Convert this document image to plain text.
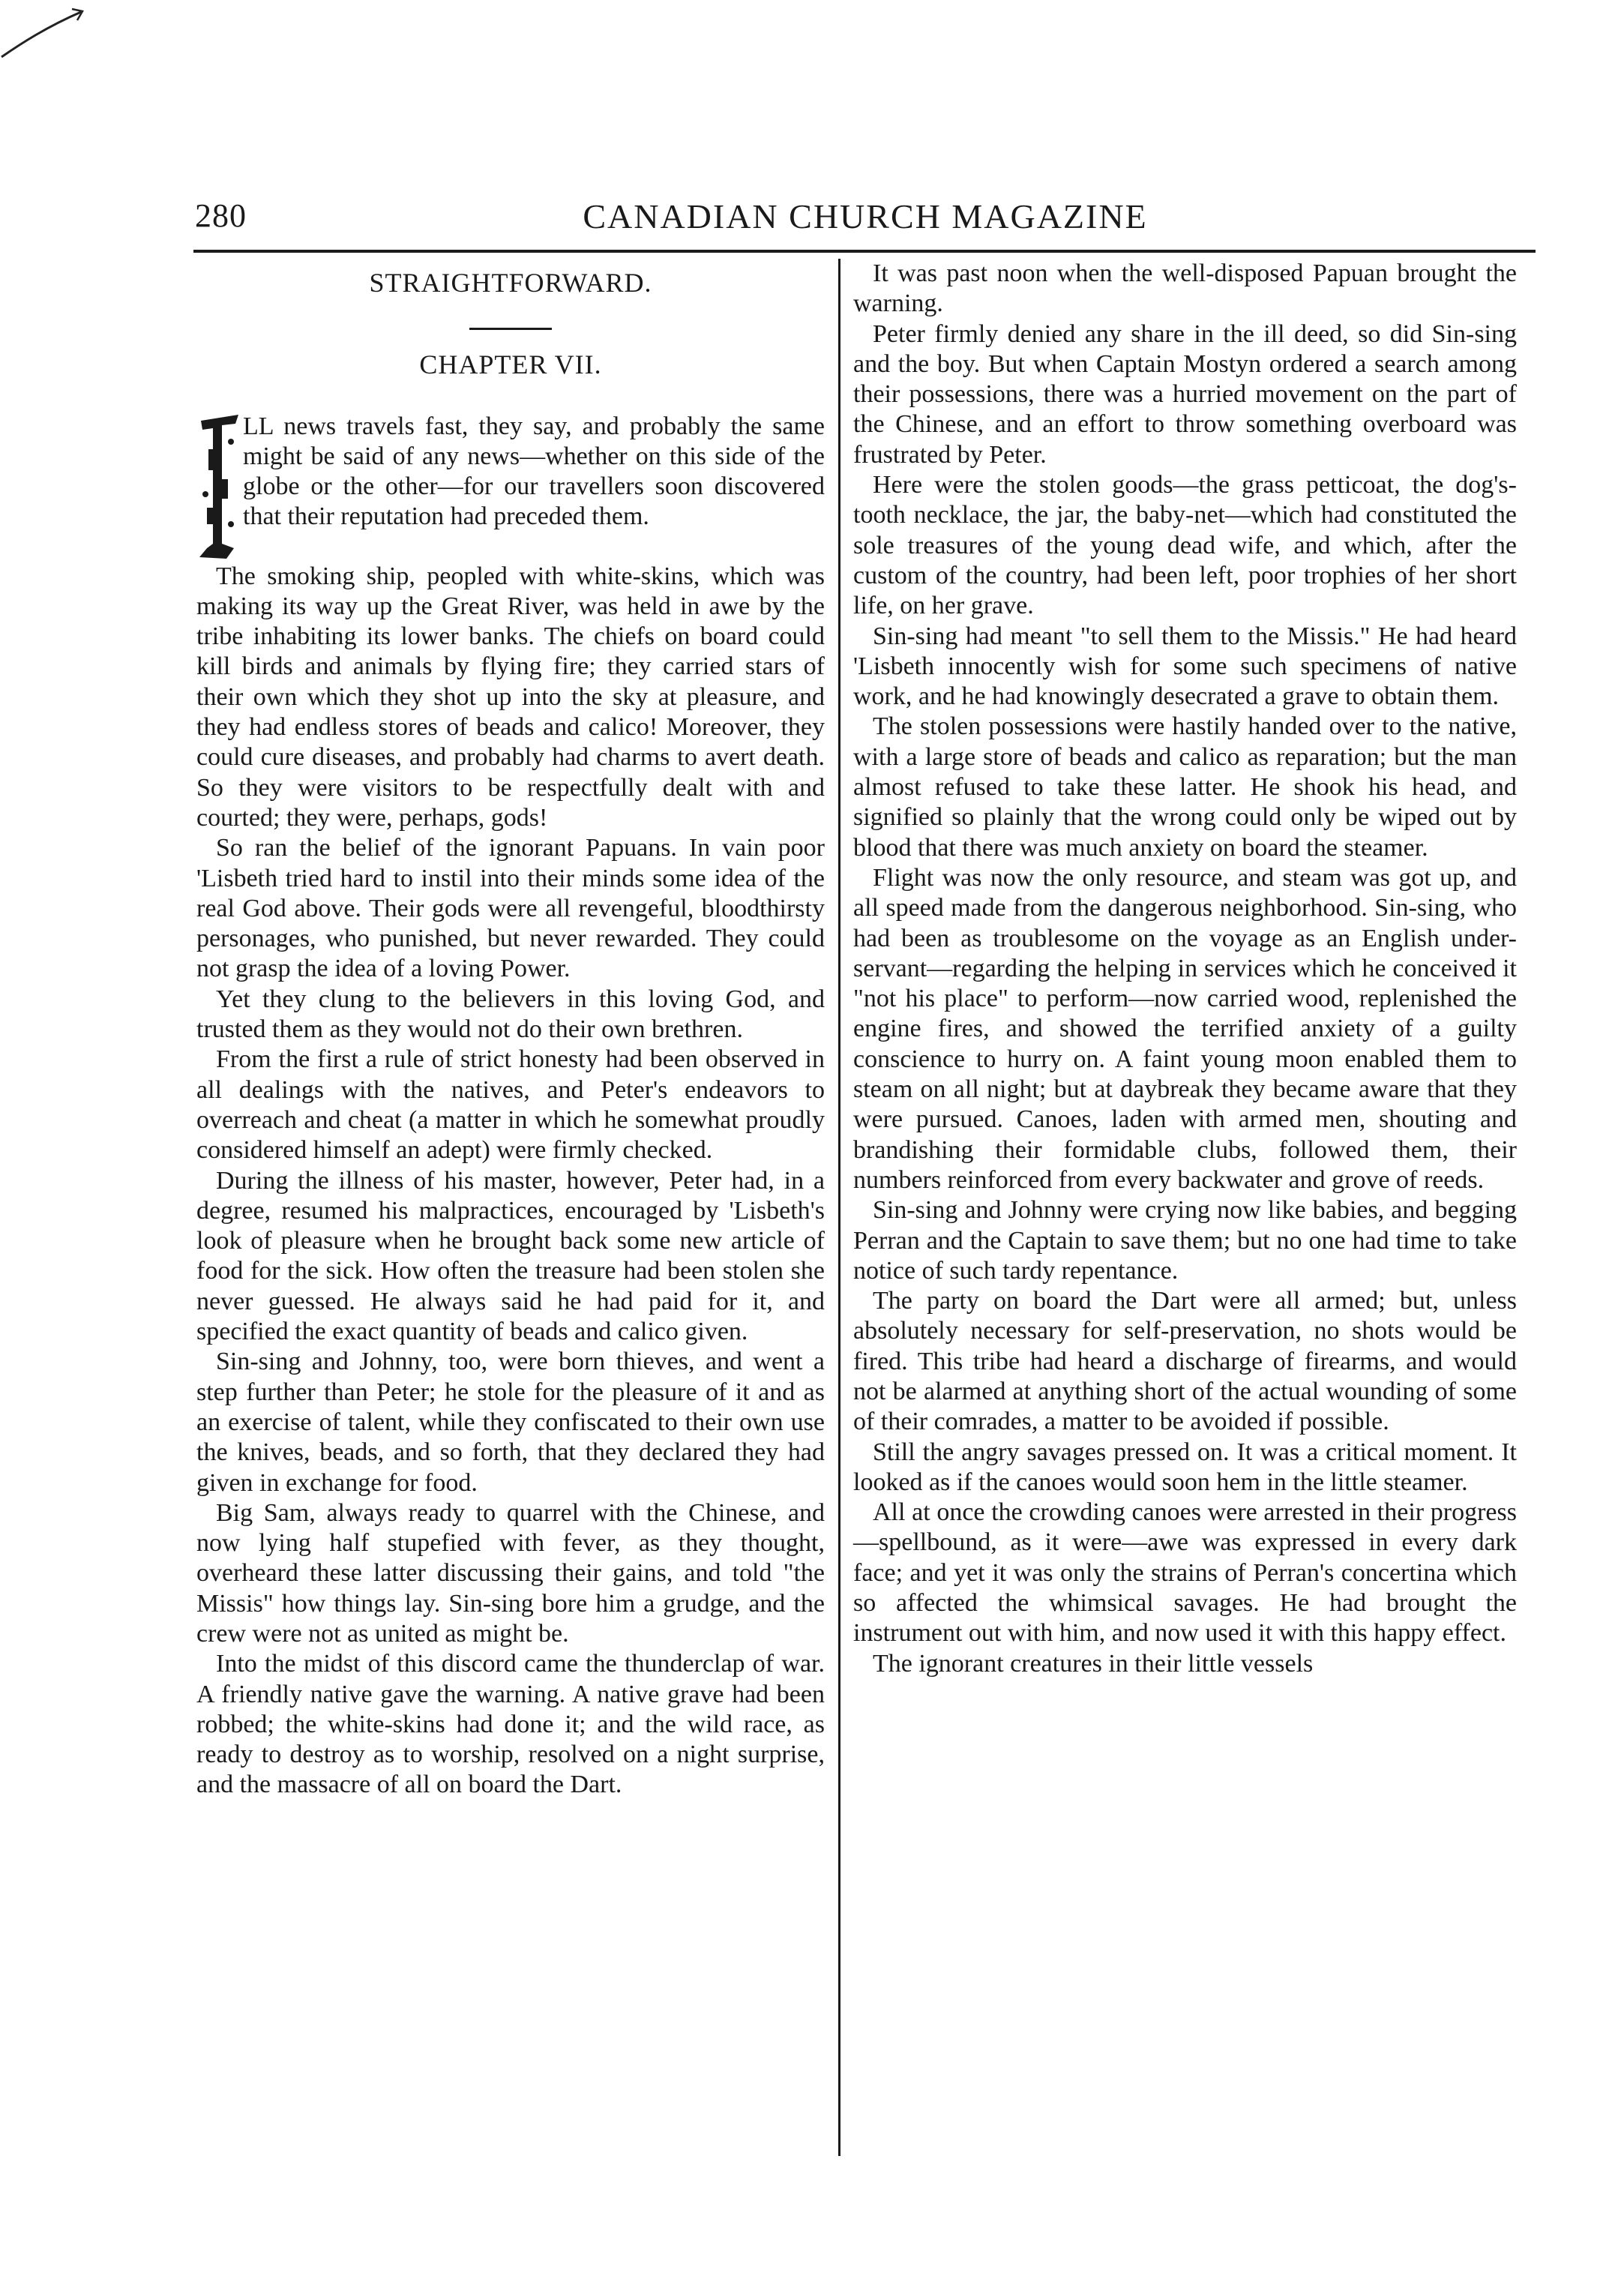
280	CANADIAN CHURCH MAGAZINE
STRAIGHTFORWARD.
CHAPTER VII.

LL news travels fast, they say, and probably the same might be said of any news—whether on this side of the globe or the other—for our travellers soon discovered that their reputation had preceded them.

The smoking ship, peopled with white-skins, which was making its way up the Great River, was held in awe by the tribe inhabiting its lower banks. The chiefs on board could kill birds and animals by flying fire; they carried stars of their own which they shot up into the sky at pleasure, and they had endless stores of beads and calico! Moreover, they could cure diseases, and probably had charms to avert death. So they were visitors to be respectfully dealt with and courted; they were, perhaps, gods!

So ran the belief of the ignorant Papuans. In vain poor 'Lisbeth tried hard to instil into their minds some idea of the real God above. Their gods were all revengeful, bloodthirsty personages, who punished, but never rewarded. They could not grasp the idea of a loving Power.

Yet they clung to the believers in this loving God, and trusted them as they would not do their own brethren.

From the first a rule of strict honesty had been observed in all dealings with the natives, and Peter's endeavors to overreach and cheat (a matter in which he somewhat proudly considered himself an adept) were firmly checked.

During the illness of his master, however, Peter had, in a degree, resumed his malpractices, encouraged by 'Lisbeth's look of pleasure when he brought back some new article of food for the sick. How often the treasure had been stolen she never guessed. He always said he had paid for it, and specified the exact quantity of beads and calico given.

Sin-sing and Johnny, too, were born thieves, and went a step further than Peter; he stole for the pleasure of it and as an exercise of talent, while they confiscated to their own use the knives, beads, and so forth, that they declared they had given in exchange for food.

Big Sam, always ready to quarrel with the Chinese, and now lying half stupefied with fever, as they thought, overheard these latter discussing their gains, and told "the Missis" how things lay. Sin-sing bore him a grudge, and the crew were not as united as might be.

Into the midst of this discord came the thunderclap of war. A friendly native gave the warning. A native grave had been robbed; the white-skins had done it; and the wild race, as ready to destroy as to worship, resolved on a night surprise, and the massacre of all on board the Dart.

It was past noon when the well-disposed Papuan brought the warning.

Peter firmly denied any share in the ill deed, so did Sin-sing and the boy. But when Captain Mostyn ordered a search among their possessions, there was a hurried movement on the part of the Chinese, and an effort to throw something overboard was frustrated by Peter.

Here were the stolen goods—the grass petticoat, the dog's-tooth necklace, the jar, the baby-net—which had constituted the sole treasures of the young dead wife, and which, after the custom of the country, had been left, poor trophies of her short life, on her grave.

Sin-sing had meant "to sell them to the Missis." He had heard 'Lisbeth innocently wish for some such specimens of native work, and he had knowingly desecrated a grave to obtain them.

The stolen possessions were hastily handed over to the native, with a large store of beads and calico as reparation; but the man almost refused to take these latter. He shook his head, and signified so plainly that the wrong could only be wiped out by blood that there was much anxiety on board the steamer.

Flight was now the only resource, and steam was got up, and all speed made from the dangerous neighborhood. Sin-sing, who had been as troublesome on the voyage as an English under-servant—regarding the helping in services which he conceived it "not his place" to perform—now carried wood, replenished the engine fires, and showed the terrified anxiety of a guilty conscience to hurry on. A faint young moon enabled them to steam on all night; but at daybreak they became aware that they were pursued. Canoes, laden with armed men, shouting and brandishing their formidable clubs, followed them, their numbers reinforced from every backwater and grove of reeds.

Sin-sing and Johnny were crying now like babies, and begging Perran and the Captain to save them; but no one had time to take notice of such tardy repentance.

The party on board the Dart were all armed; but, unless absolutely necessary for self-preservation, no shots would be fired. This tribe had heard a discharge of firearms, and would not be alarmed at anything short of the actual wounding of some of their comrades, a matter to be avoided if possible.

Still the angry savages pressed on. It was a critical moment. It looked as if the canoes would soon hem in the little steamer.

All at once the crowding canoes were arrested in their progress—spellbound, as it were—awe was expressed in every dark face; and yet it was only the strains of Perran's concertina which so affected the whimsical savages. He had brought the instrument out with him, and now used it with this happy effect.

The ignorant creatures in their little vessels
